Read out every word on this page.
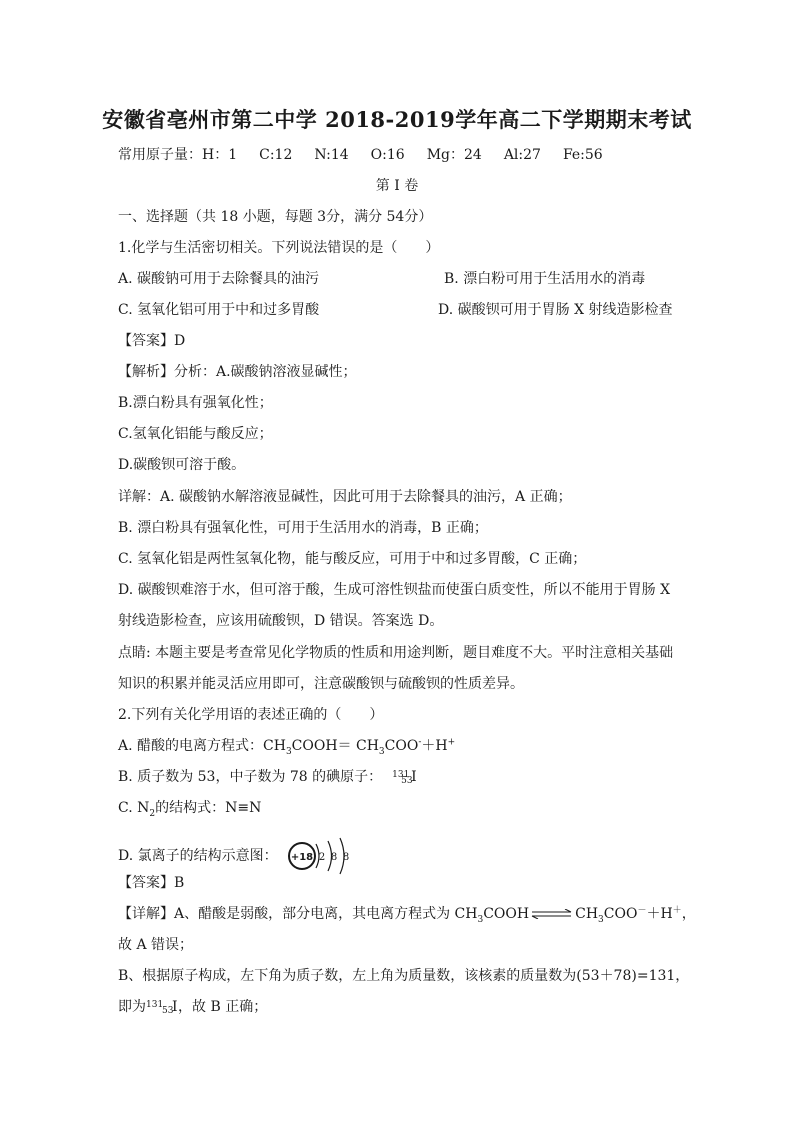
安徽省亳州市第二中学 2018-2019学年高二下学期期末考试
常用原子量：H：1 C:12 N:14 O:16 Mg：24 Al:27 Fe:56
第 I 卷
一、选择题（共 18 小题，每题 3分，满分 54分）
1.化学与生活密切相关。下列说法错误的是（　　）
A. 碳酸钠可用于去除餐具的油污	B. 漂白粉可用于生活用水的消毒
C. 氢氧化铝可用于中和过多胃酸	D. 碳酸钡可用于胃肠 X 射线造影检查
【答案】D
【解析】分析：A.碳酸钠溶液显碱性；
B.漂白粉具有强氧化性；
C.氢氧化铝能与酸反应；
D.碳酸钡可溶于酸。
详解：A. 碳酸钠水解溶液显碱性，因此可用于去除餐具的油污，A 正确；
B. 漂白粉具有强氧化性，可用于生活用水的消毒，B 正确；
C. 氢氧化铝是两性氢氧化物，能与酸反应，可用于中和过多胃酸，C 正确；
D. 碳酸钡难溶于水，但可溶于酸，生成可溶性钡盐而使蛋白质变性，所以不能用于胃肠 X
射线造影检查，应该用硫酸钡，D 错误。答案选 D。
点睛: 本题主要是考查常见化学物质的性质和用途判断，题目难度不大。平时注意相关基础
知识的积累并能灵活应用即可，注意碳酸钡与硫酸钡的性质差异。
2.下列有关化学用语的表述正确的（　　）
A. 醋酸的电离方程式：$CH_3COOH= CH_3COO^-+H^+$
B. 质子数为 53，中子数为 78 的碘原子： 131
53
I
C. $N_2$的结构式：N≡N
D. 氯离子的结构示意图： +18 2 8 8
【答案】B
【详解】A、醋酸是弱酸，部分电离，其电离方程式为 $CH_3COOH$ ⇌ $CH_3COO^-+H^+$，
故 A 错误；
B、根据原子构成，左下角为质子数，左上角为质量数，该核素的质量数为(53＋78)=131，
即为 131
53
I ，故 B 正确；
